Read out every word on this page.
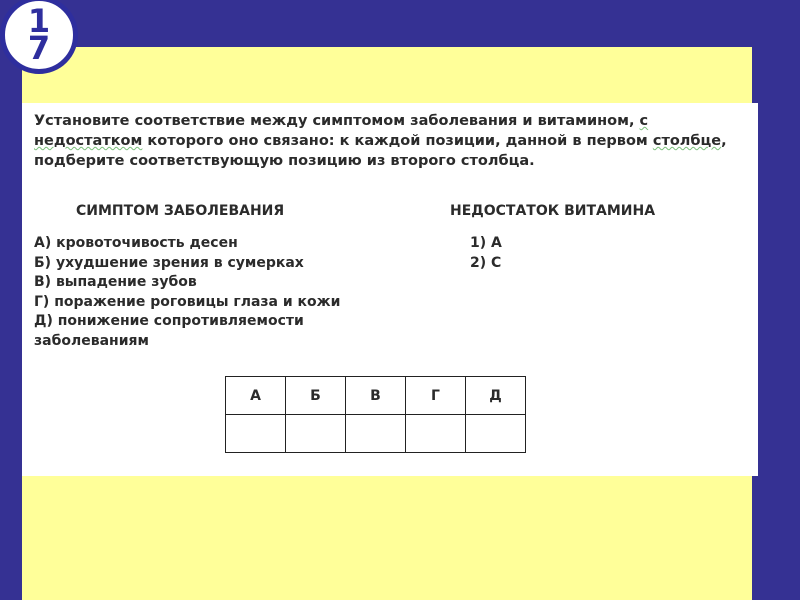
1
7
Установите соответствие между симптомом заболевания и витамином, с недостатком которого оно связано: к каждой позиции, данной в первом столбце, подберите соответствующую позицию из второго столбца.
СИМПТОМ ЗАБОЛЕВАНИЯ	НЕДОСТАТОК ВИТАМИНА
А) кровоточивость десен
Б) ухудшение зрения в сумерках
В) выпадение зубов
Г) поражение роговицы глаза и кожи
Д) понижение сопротивляемости заболеваниям
1) А
2) С
А	Б	В	Г	Д
